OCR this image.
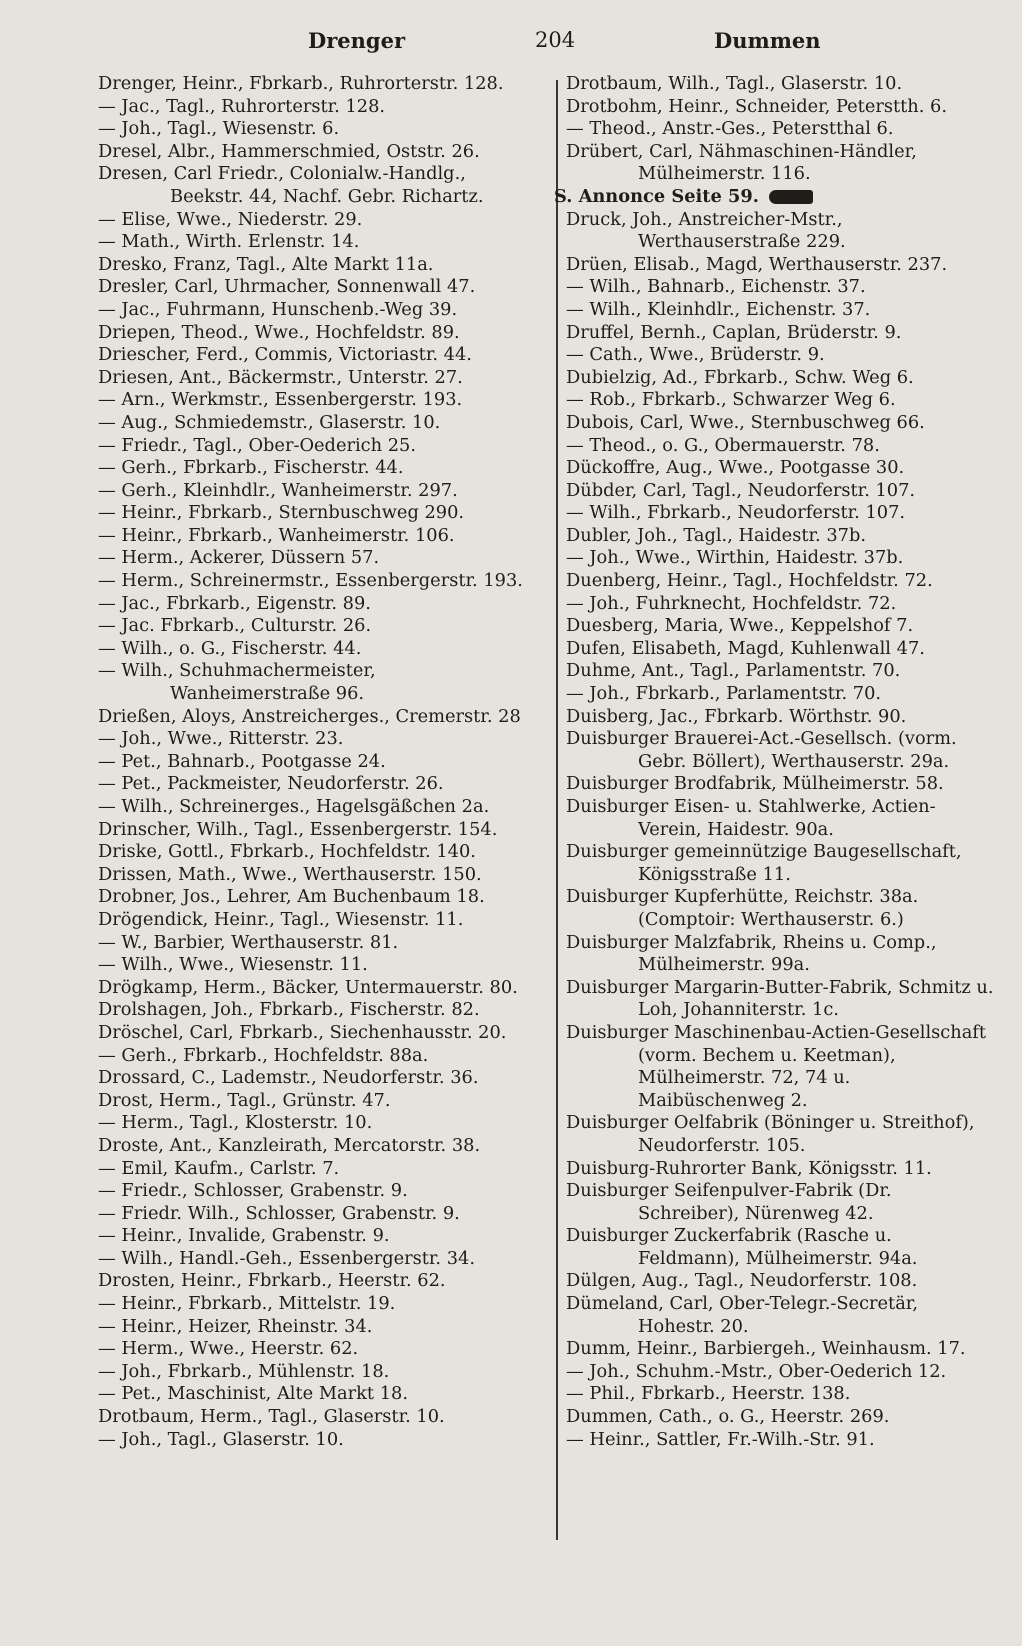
Drenger	204	Dummen
Drenger, Heinr., Fbrkarb., Ruhrorterstr. 128.
— Jac., Tagl., Ruhrorterstr. 128.
— Joh., Tagl., Wiesenstr. 6.
Dresel, Albr., Hammerschmied, Oststr. 26.
Dresen, Carl Friedr., Colonialw.-Handlg., Beekstr. 44, Nachf. Gebr. Richartz.
— Elise, Wwe., Niederstr. 29.
— Math., Wirth. Erlenstr. 14.
Dresko, Franz, Tagl., Alte Markt 11a.
Dresler, Carl, Uhrmacher, Sonnenwall 47.
— Jac., Fuhrmann, Hunschenb.-Weg 39.
Driepen, Theod., Wwe., Hochfeldstr. 89.
Driescher, Ferd., Commis, Victoriastr. 44.
Driesen, Ant., Bäckermstr., Unterstr. 27.
— Arn., Werkmstr., Essenbergerstr. 193.
— Aug., Schmiedemstr., Glaserstr. 10.
— Friedr., Tagl., Ober-Oederich 25.
— Gerh., Fbrkarb., Fischerstr. 44.
— Gerh., Kleinhdlr., Wanheimerstr. 297.
— Heinr., Fbrkarb., Sternbuschweg 290.
— Heinr., Fbrkarb., Wanheimerstr. 106.
— Herm., Ackerer, Düssern 57.
— Herm., Schreinermstr., Essenbergerstr. 193.
— Jac., Fbrkarb., Eigenstr. 89.
— Jac. Fbrkarb., Culturstr. 26.
— Wilh., o. G., Fischerstr. 44.
— Wilh., Schuhmachermeister, Wanheimerstraße 96.
Drießen, Aloys, Anstreicherges., Cremerstr. 28
— Joh., Wwe., Ritterstr. 23.
— Pet., Bahnarb., Pootgasse 24.
— Pet., Packmeister, Neudorferstr. 26.
— Wilh., Schreinerges., Hagelsgäßchen 2a.
Drinscher, Wilh., Tagl., Essenbergerstr. 154.
Driske, Gottl., Fbrkarb., Hochfeldstr. 140.
Drissen, Math., Wwe., Werthauserstr. 150.
Drobner, Jos., Lehrer, Am Buchenbaum 18.
Drögendick, Heinr., Tagl., Wiesenstr. 11.
— W., Barbier, Werthauserstr. 81.
— Wilh., Wwe., Wiesenstr. 11.
Drögkamp, Herm., Bäcker, Untermauerstr. 80.
Drolshagen, Joh., Fbrkarb., Fischerstr. 82.
Dröschel, Carl, Fbrkarb., Siechenhausstr. 20.
— Gerh., Fbrkarb., Hochfeldstr. 88a.
Drossard, C., Lademstr., Neudorferstr. 36.
Drost, Herm., Tagl., Grünstr. 47.
— Herm., Tagl., Klosterstr. 10.
Droste, Ant., Kanzleirath, Mercatorstr. 38.
— Emil, Kaufm., Carlstr. 7.
— Friedr., Schlosser, Grabenstr. 9.
— Friedr. Wilh., Schlosser, Grabenstr. 9.
— Heinr., Invalide, Grabenstr. 9.
— Wilh., Handl.-Geh., Essenbergerstr. 34.
Drosten, Heinr., Fbrkarb., Heerstr. 62.
— Heinr., Fbrkarb., Mittelstr. 19.
— Heinr., Heizer, Rheinstr. 34.
— Herm., Wwe., Heerstr. 62.
— Joh., Fbrkarb., Mühlenstr. 18.
— Pet., Maschinist, Alte Markt 18.
Drotbaum, Herm., Tagl., Glaserstr. 10.
— Joh., Tagl., Glaserstr. 10.
Drotbaum, Wilh., Tagl., Glaserstr. 10.
Drotbohm, Heinr., Schneider, Peterstth. 6.
— Theod., Anstr.-Ges., Peterstthal 6.
Drübert, Carl, Nähmaschinen-Händler, Mülheimerstr. 116.
S. Annonce Seite 59.
Druck, Joh., Anstreicher-Mstr., Werthauserstraße 229.
Drüen, Elisab., Magd, Werthauserstr. 237.
— Wilh., Bahnarb., Eichenstr. 37.
— Wilh., Kleinhdlr., Eichenstr. 37.
Druffel, Bernh., Caplan, Brüderstr. 9.
— Cath., Wwe., Brüderstr. 9.
Dubielzig, Ad., Fbrkarb., Schw. Weg 6.
— Rob., Fbrkarb., Schwarzer Weg 6.
Dubois, Carl, Wwe., Sternbuschweg 66.
— Theod., o. G., Obermauerstr. 78.
Dückoffre, Aug., Wwe., Pootgasse 30.
Dübder, Carl, Tagl., Neudorferstr. 107.
— Wilh., Fbrkarb., Neudorferstr. 107.
Dubler, Joh., Tagl., Haidestr. 37b.
— Joh., Wwe., Wirthin, Haidestr. 37b.
Duenberg, Heinr., Tagl., Hochfeldstr. 72.
— Joh., Fuhrknecht, Hochfeldstr. 72.
Duesberg, Maria, Wwe., Keppelshof 7.
Dufen, Elisabeth, Magd, Kuhlenwall 47.
Duhme, Ant., Tagl., Parlamentstr. 70.
— Joh., Fbrkarb., Parlamentstr. 70.
Duisberg, Jac., Fbrkarb. Wörthstr. 90.
Duisburger Brauerei-Act.-Gesellsch. (vorm. Gebr. Böllert), Werthauserstr. 29a.
Duisburger Brodfabrik, Mülheimerstr. 58.
Duisburger Eisen- u. Stahlwerke, Actien-Verein, Haidestr. 90a.
Duisburger gemeinnützige Baugesellschaft, Königsstraße 11.
Duisburger Kupferhütte, Reichstr. 38a. (Comptoir: Werthauserstr. 6.)
Duisburger Malzfabrik, Rheins u. Comp., Mülheimerstr. 99a.
Duisburger Margarin-Butter-Fabrik, Schmitz u. Loh, Johanniterstr. 1c.
Duisburger Maschinenbau-Actien-Gesellschaft (vorm. Bechem u. Keetman), Mülheimerstr. 72, 74 u. Maibüschenweg 2.
Duisburger Oelfabrik (Böninger u. Streithof), Neudorferstr. 105.
Duisburg-Ruhrorter Bank, Königsstr. 11.
Duisburger Seifenpulver-Fabrik (Dr. Schreiber), Nürenweg 42.
Duisburger Zuckerfabrik (Rasche u. Feldmann), Mülheimerstr. 94a.
Dülgen, Aug., Tagl., Neudorferstr. 108.
Dümeland, Carl, Ober-Telegr.-Secretär, Hohestr. 20.
Dumm, Heinr., Barbiergeh., Weinhausm. 17.
— Joh., Schuhm.-Mstr., Ober-Oederich 12.
— Phil., Fbrkarb., Heerstr. 138.
Dummen, Cath., o. G., Heerstr. 269.
— Heinr., Sattler, Fr.-Wilh.-Str. 91.
